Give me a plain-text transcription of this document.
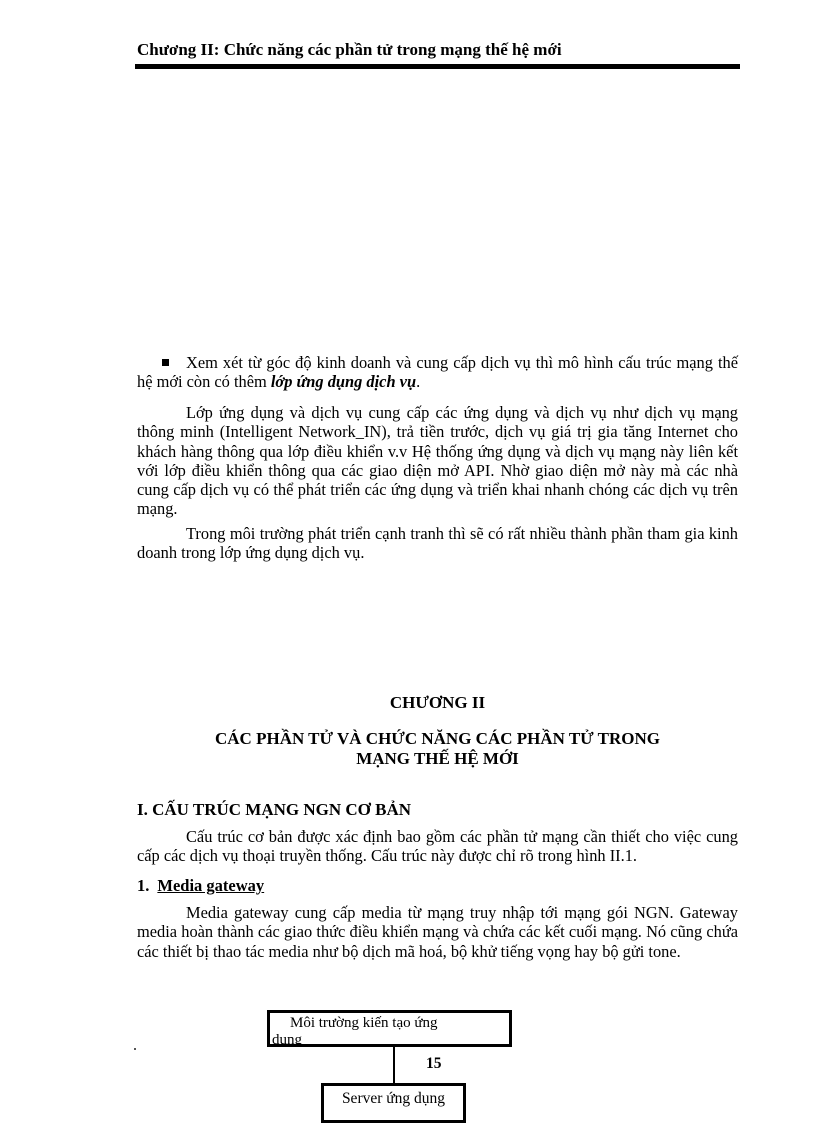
Chương II: Chức năng các phần tử trong mạng thế hệ mới
Xem xét từ góc độ kinh doanh và cung cấp dịch vụ thì mô hình cấu trúc mạng thế hệ mới còn có thêm lớp ứng dụng dịch vụ.
Lớp ứng dụng và dịch vụ cung cấp các ứng dụng và dịch vụ như dịch vụ mạng thông minh (Intelligent Network_IN), trả tiền trước, dịch vụ giá trị gia tăng Internet cho khách hàng thông qua lớp điều khiển v.v Hệ thống ứng dụng và dịch vụ mạng này liên kết với lớp điều khiển thông qua các giao diện mở API. Nhờ giao diện mở này mà các nhà cung cấp dịch vụ có thể phát triển các ứng dụng và triển khai nhanh chóng các dịch vụ trên mạng.
Trong môi trường phát triển cạnh tranh thì sẽ có rất nhiều thành phần tham gia kinh doanh trong lớp ứng dụng dịch vụ.
CHƯƠNG II
CÁC PHẦN TỬ VÀ CHỨC NĂNG CÁC PHẦN TỬ TRONG
MẠNG THẾ HỆ MỚI
I. CẤU TRÚC MẠNG NGN CƠ BẢN
Cấu trúc cơ bản được xác định bao gồm các phần tử mạng cần thiết cho việc cung cấp các dịch vụ thoại truyền thống. Cấu trúc này được chỉ rõ trong hình II.1.
1. Media gateway
Media gateway cung cấp media từ mạng truy nhập tới mạng gói NGN. Gateway media hoàn thành các giao thức điều khiển mạng và chứa các kết cuối mạng. Nó cũng chứa các thiết bị thao tác media như bộ dịch mã hoá, bộ khử tiếng vọng hay bộ gửi tone.
Môi trường kiến tạo ứng
dụng
15
Server ứng dụng
